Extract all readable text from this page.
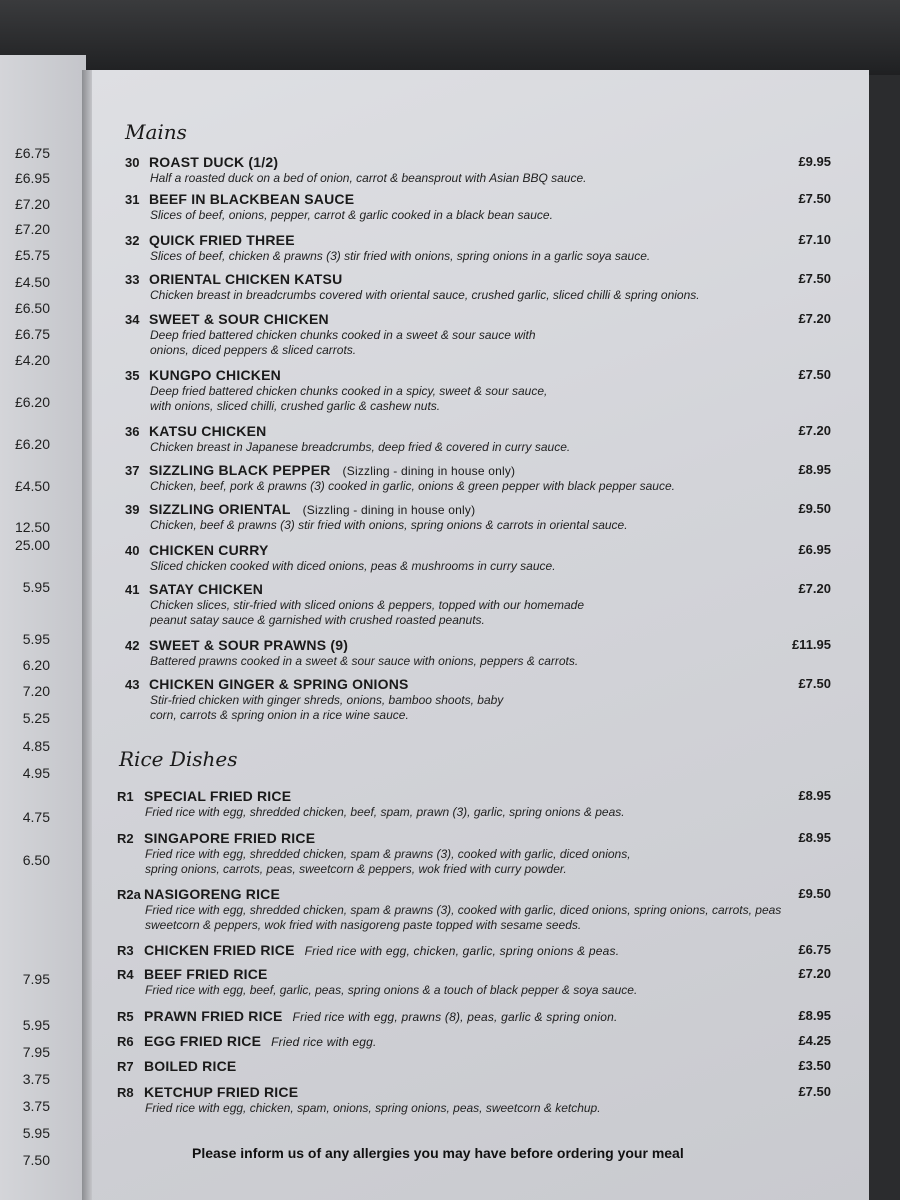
£6.75
£6.95
£7.20
£7.20
£5.75
£4.50
£6.50
£6.75
£4.20
£6.20
£6.20
£4.50
12.50
25.00
5.95
5.95
6.20
7.20
5.25
4.85
4.95
4.75
6.50
7.95
5.95
7.95
3.75
3.75
5.95
7.50
Mains
30 ROAST DUCK (1/2)
Half a roasted duck on a bed of onion, carrot & beansprout with Asian BBQ sauce.
£9.95
31 BEEF IN BLACKBEAN SAUCE
Slices of beef, onions, pepper, carrot & garlic cooked in a black bean sauce.
£7.50
32 QUICK FRIED THREE
Slices of beef, chicken & prawns (3) stir fried with onions, spring onions in a garlic soya sauce.
£7.10
33 ORIENTAL CHICKEN KATSU
Chicken breast in breadcrumbs covered with oriental sauce, crushed garlic, sliced chilli & spring onions.
£7.50
34 SWEET & SOUR CHICKEN
Deep fried battered chicken chunks cooked in a sweet & sour sauce with onions, diced peppers & sliced carrots.
£7.20
35 KUNGPO CHICKEN
Deep fried battered chicken chunks cooked in a spicy, sweet & sour sauce, with onions, sliced chilli, crushed garlic & cashew nuts.
£7.50
36 KATSU CHICKEN
Chicken breast in Japanese breadcrumbs, deep fried & covered in curry sauce.
£7.20
37 SIZZLING BLACK PEPPER (Sizzling - dining in house only)
Chicken, beef, pork & prawns (3) cooked in garlic, onions & green pepper with black pepper sauce.
£8.95
39 SIZZLING ORIENTAL (Sizzling - dining in house only)
Chicken, beef & prawns (3) stir fried with onions, spring onions & carrots in oriental sauce.
£9.50
40 CHICKEN CURRY
Sliced chicken cooked with diced onions, peas & mushrooms in curry sauce.
£6.95
41 SATAY CHICKEN
Chicken slices, stir-fried with sliced onions & peppers, topped with our homemade peanut satay sauce & garnished with crushed roasted peanuts.
£7.20
42 SWEET & SOUR PRAWNS (9)
Battered prawns cooked in a sweet & sour sauce with onions, peppers & carrots.
£11.95
43 CHICKEN GINGER & SPRING ONIONS
Stir-fried chicken with ginger shreds, onions, bamboo shoots, baby corn, carrots & spring onion in a rice wine sauce.
£7.50
Rice Dishes
R1 SPECIAL FRIED RICE
Fried rice with egg, shredded chicken, beef, spam, prawn (3), garlic, spring onions & peas.
£8.95
R2 SINGAPORE FRIED RICE
Fried rice with egg, shredded chicken, spam & prawns (3), cooked with garlic, diced onions, spring onions, carrots, peas, sweetcorn & peppers, wok fried with curry powder.
£8.95
R2a NASIGORENG RICE
Fried rice with egg, shredded chicken, spam & prawns (3), cooked with garlic, diced onions, spring onions, carrots, peas sweetcorn & peppers, wok fried with nasigoreng paste topped with sesame seeds.
£9.50
R3 CHICKEN FRIED RICE Fried rice with egg, chicken, garlic, spring onions & peas.	£6.75
R4 BEEF FRIED RICE
Fried rice with egg, beef, garlic, peas, spring onions & a touch of black pepper & soya sauce.
£7.20
R5 PRAWN FRIED RICE Fried rice with egg, prawns (8), peas, garlic & spring onion.	£8.95
R6 EGG FRIED RICE Fried rice with egg.	£4.25
R7 BOILED RICE	£3.50
R8 KETCHUP FRIED RICE
Fried rice with egg, chicken, spam, onions, spring onions, peas, sweetcorn & ketchup.
£7.50
Please inform us of any allergies you may have before ordering your meal
